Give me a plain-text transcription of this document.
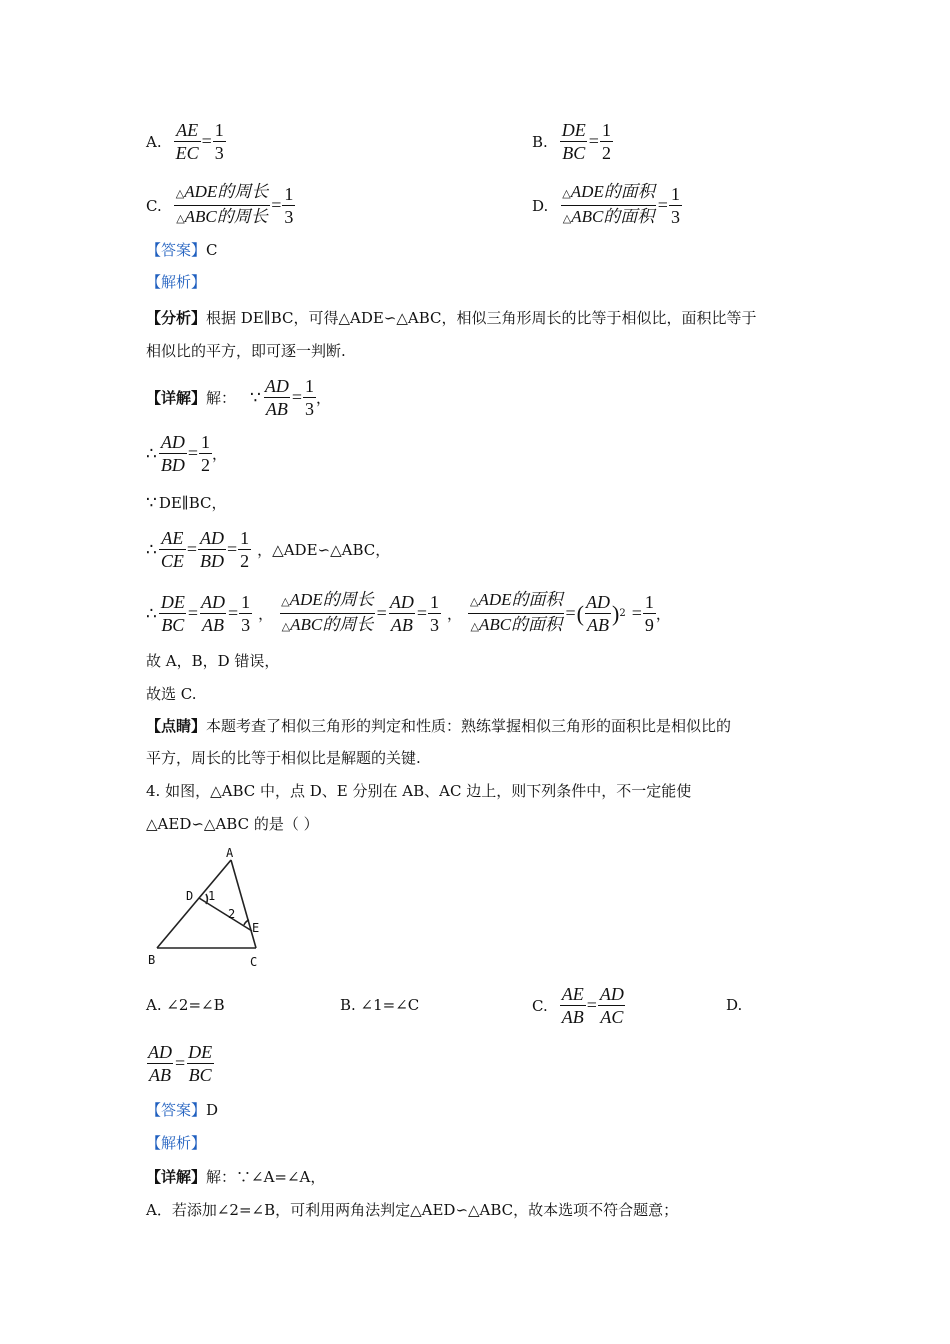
A. $\frac{AE}{EC} = \frac{1}{3}$	B. $\frac{DE}{BC} = \frac{1}{2}$
C. $\frac{\text{△ADE的周长}}{\text{△ABC的周长}} = \frac{1}{3}$	D. $\frac{\text{△ADE的面积}}{\text{△ABC的面积}} = \frac{1}{3}$
【答案】C
【解析】
【分析】根据 DE∥BC，可得△ADE∽△ABC，相似三角形周长的比等于相似比，面积比等于
相似比的平方，即可逐一判断.
【详解】 解： ∵ $\frac{AD}{AB} = \frac{1}{3}$ ，
∴ $\frac{AD}{BD} = \frac{1}{2}$ ，
∵ DE∥BC，
∴ $\frac{AE}{CE} = \frac{AD}{BD} = \frac{1}{2}$ ， △ADE∽△ABC，
∴ $\frac{DE}{BC} = \frac{AD}{AB} = \frac{1}{3}$ ， $\frac{\text{△ADE的周长}}{\text{△ABC的周长}} = \frac{AD}{AB} = \frac{1}{3}$ ， $\frac{\text{△ADE的面积}}{\text{△ABC的面积}}$ = ( $\frac{AD}{AB}$ ) $2 = \frac{1}{9}$ ，
故 A，B，D 错误，
故选 C.
【点睛】本题考查了相似三角形的判定和性质：熟练掌握相似三角形的面积比是相似比的
平方，周长的比等于相似比是解题的关键.
4. 如图，△ABC 中，点 D、E 分别在 AB、AC 边上，则下列条件中，不一定能使
△AED∽△ABC 的是（ ）
A
D 1
2
E
B	C
A. ∠2=∠B	B. ∠1=∠C	C. $\frac{AE}{AB} = \frac{AD}{AC}$	D.
$\frac{AD}{AB} = \frac{DE}{BC}$
【答案】D
【解析】
【详解】解：∵∠A=∠A，
A．若添加∠2=∠B，可利用两角法判定△AED∽△ABC，故本选项不符合题意；
